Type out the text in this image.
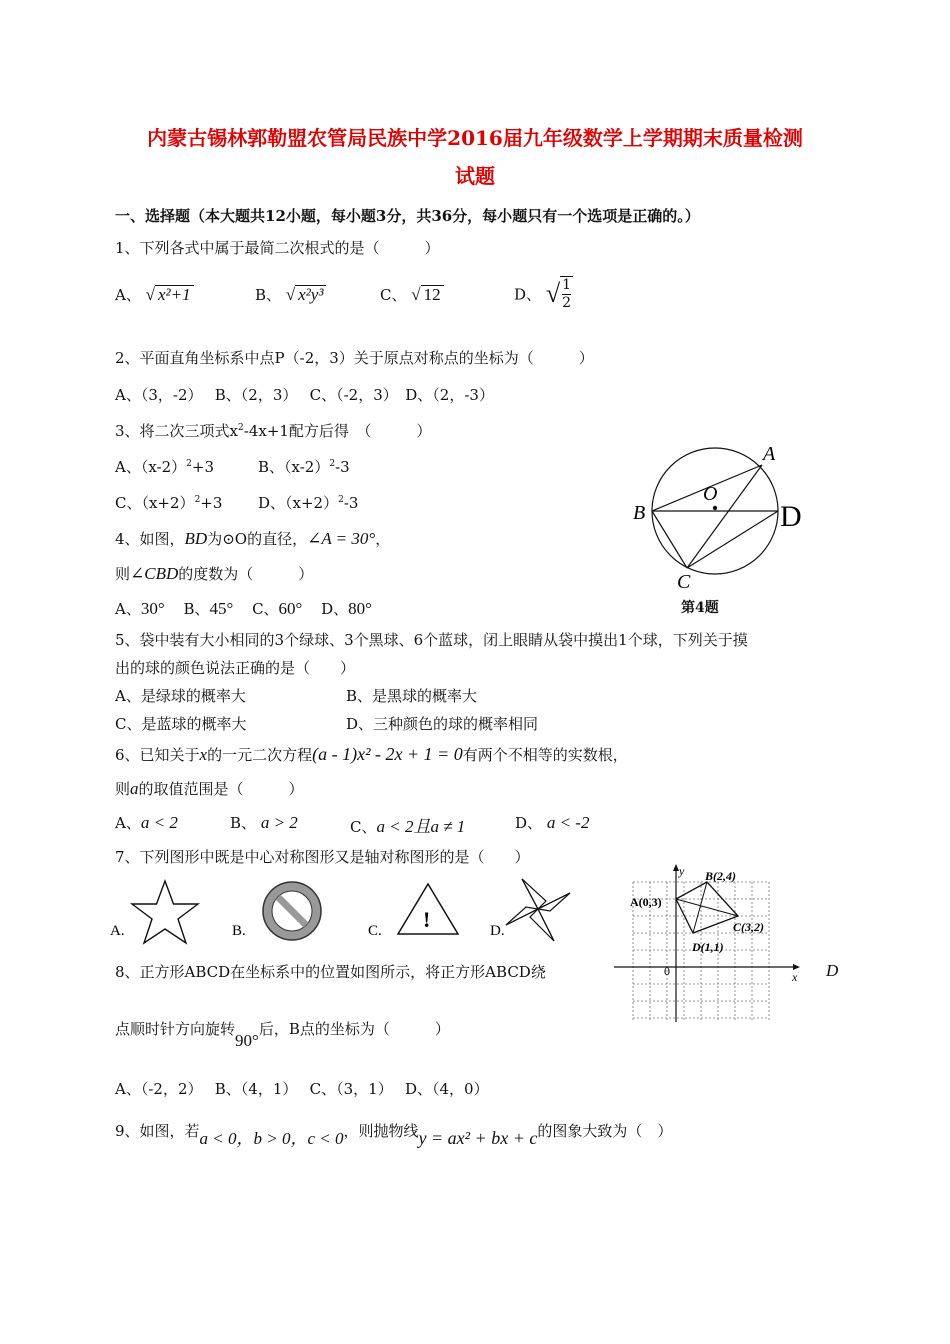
内蒙古锡林郭勒盟农管局民族中学2016届九年级数学上学期期末质量检测
试题
一、选择题（本大题共12小题，每小题3分，共36分，每小题只有一个选项是正确的。）
1、下列各式中属于最简二次根式的是（　　　）
A、 √ x²+1	B、 √ x²y³	C、 √ 12	D、 √ $\frac{1}{2}$
2、平面直角坐标系中点P（-2，3）关于原点对称点的坐标为（　　　）
A、（3，-2）　 B、（2，3）　 C、（-2，3）　D、（2，-3）
3、将二次三项式$x^2-4x+1$配方后得　（　　　）
A、$(x-2)^2+3$	B、$(x-2)^2-3$
C、$(x+2)^2+3$ D、$(x+2)^2-3$
4、如图，BD为⊙O的直径，∠A = 30°，
则∠CBD的度数为（　　　）
A、30° B、45° C、60° D、80°
A
B
C
D
O
第4题
5、袋中装有大小相同的3个绿球、3个黑球、6个蓝球，闭上眼睛从袋中摸出1个球，下列关于摸
出的球的颜色说法正确的是（　　）
A、是绿球的概率大	B、是黑球的概率大
C、是蓝球的概率大	D、三种颜色的球的概率相同
6、已知关于x的一元二次方程(a - 1)x² - 2x + 1 = 0有两个不相等的实数根，
则a的取值范围是（　　　）
A、a < 2	B、 a > 2	C、a < 2且a ≠ 1	D、 a < -2
7、下列图形中既是中心对称图形又是轴对称图形的是（　　）
!
A.	B.	C.	D.
8、正方形ABCD在坐标系中的位置如图所示，将正方形ABCD绕	D
点顺时针方向旋转90°后，B点的坐标为（　　　）
A、（-2，2）　 B、（4，1）　 C、（3，1）　 D、（4，0）
A(0,3)
B(2,4)
C(3,2)
D(1,1)
0	x
y
9、如图，若a < 0，b > 0，c < 0，则抛物线y = ax² + bx + c的图象大致为（　）
